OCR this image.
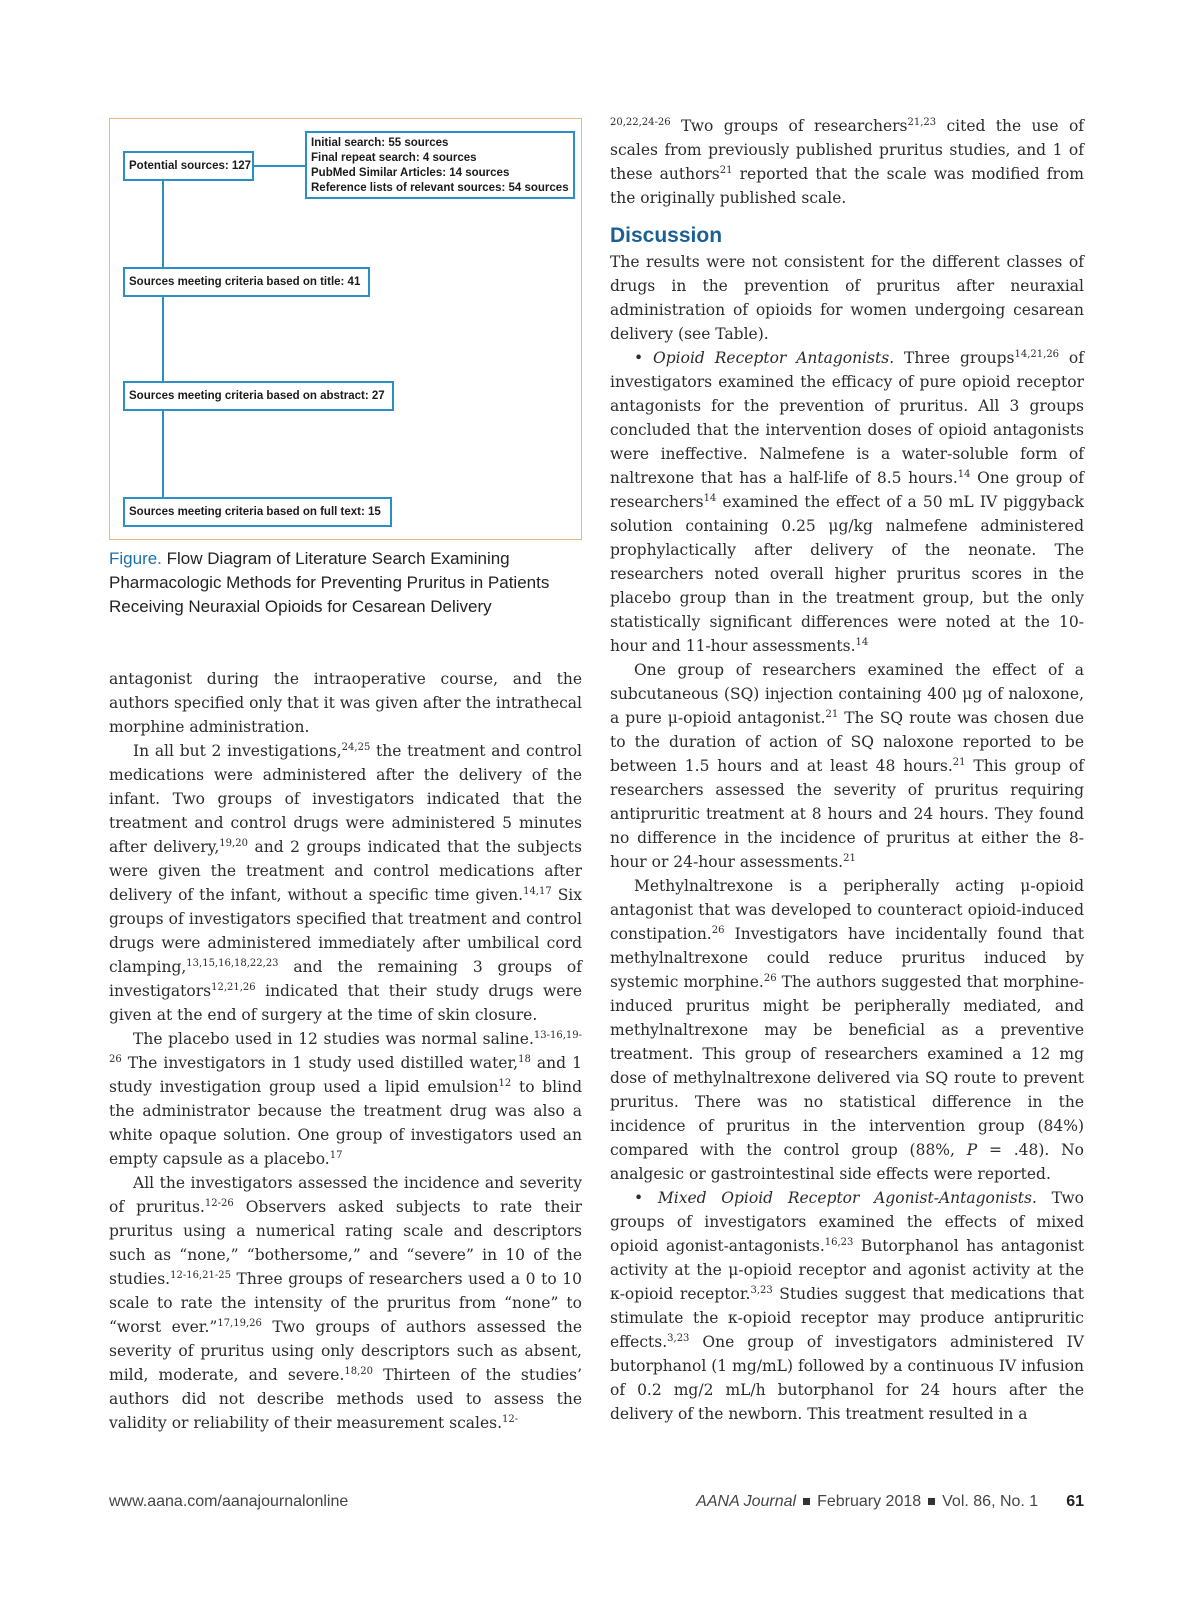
Potential sources: 127
Initial search: 55 sources
Final repeat search: 4 sources
PubMed Similar Articles: 14 sources
Reference lists of relevant sources: 54 sources
Sources meeting criteria based on title: 41
Sources meeting criteria based on abstract: 27
Sources meeting criteria based on full text: 15
Figure. Flow Diagram of Literature Search Examining Pharmacologic Methods for Preventing Pruritus in Patients Receiving Neuraxial Opioids for Cesarean Delivery

antagonist during the intraoperative course, and the authors specified only that it was given after the intrathecal morphine administration.

In all but 2 investigations,$^{24,25}$ the treatment and control medications were administered after the delivery of the infant. Two groups of investigators indicated that the treatment and control drugs were administered 5 minutes after delivery,$^{19,20}$ and 2 groups indicated that the subjects were given the treatment and control medications after delivery of the infant, without a specific time given.$^{14,17}$ Six groups of investigators specified that treatment and control drugs were administered immediately after umbilical cord clamping,$^{13,15,16,18,22,23}$ and the remaining 3 groups of investigators$^{12,21,26}$ indicated that their study drugs were given at the end of surgery at the time of skin closure.

The placebo used in 12 studies was normal saline.$^{13-16,19-26}$ The investigators in 1 study used distilled water,$^{18}$ and 1 study investigation group used a lipid emulsion$^{12}$ to blind the administrator because the treatment drug was also a white opaque solution. One group of investigators used an empty capsule as a placebo.$^{17}$

All the investigators assessed the incidence and severity of pruritus.$^{12-26}$ Observers asked subjects to rate their pruritus using a numerical rating scale and descriptors such as “none,” “bothersome,” and “severe” in 10 of the studies.$^{12-16,21-25}$ Three groups of researchers used a 0 to 10 scale to rate the intensity of the pruritus from “none” to “worst ever.”$^{17,19,26}$ Two groups of authors assessed the severity of pruritus using only descriptors such as absent, mild, moderate, and severe.$^{18,20}$ Thirteen of the studies’ authors did not describe methods used to assess the validity or reliability of their measurement scales.$^{12-}$

$^{20,22,24-26}$ Two groups of researchers$^{21,23}$ cited the use of scales from previously published pruritus studies, and 1 of these authors$^{21}$ reported that the scale was modified from the originally published scale.

Discussion

The results were not consistent for the different classes of drugs in the prevention of pruritus after neuraxial administration of opioids for women undergoing cesarean delivery (see Table).

• Opioid Receptor Antagonists. Three groups$^{14,21,26}$ of investigators examined the efficacy of pure opioid receptor antagonists for the prevention of pruritus. All 3 groups concluded that the intervention doses of opioid antagonists were ineffective. Nalmefene is a water-soluble form of naltrexone that has a half-life of 8.5 hours.$^{14}$ One group of researchers$^{14}$ examined the effect of a 50 mL IV piggyback solution containing 0.25 μg/kg nalmefene administered prophylactically after delivery of the neonate. The researchers noted overall higher pruritus scores in the placebo group than in the treatment group, but the only statistically significant differences were noted at the 10-hour and 11-hour assessments.$^{14}$

One group of researchers examined the effect of a subcutaneous (SQ) injection containing 400 μg of naloxone, a pure μ-opioid antagonist.$^{21}$ The SQ route was chosen due to the duration of action of SQ naloxone reported to be between 1.5 hours and at least 48 hours.$^{21}$ This group of researchers assessed the severity of pruritus requiring antipruritic treatment at 8 hours and 24 hours. They found no difference in the incidence of pruritus at either the 8-hour or 24-hour assessments.$^{21}$

Methylnaltrexone is a peripherally acting μ-opioid antagonist that was developed to counteract opioid-induced constipation.$^{26}$ Investigators have incidentally found that methylnaltrexone could reduce pruritus induced by systemic morphine.$^{26}$ The authors suggested that morphine-induced pruritus might be peripherally mediated, and methylnaltrexone may be beneficial as a preventive treatment. This group of researchers examined a 12 mg dose of methylnaltrexone delivered via SQ route to prevent pruritus. There was no statistical difference in the incidence of pruritus in the intervention group (84%) compared with the control group (88%, P = .48). No analgesic or gastrointestinal side effects were reported.

• Mixed Opioid Receptor Agonist-Antagonists. Two groups of investigators examined the effects of mixed opioid agonist-antagonists.$^{16,23}$ Butorphanol has antagonist activity at the μ-opioid receptor and agonist activity at the κ-opioid receptor.$^{3,23}$ Studies suggest that medications that stimulate the κ-opioid receptor may produce antipruritic effects.$^{3,23}$ One group of investigators administered IV butorphanol (1 mg/mL) followed by a continuous IV infusion of 0.2 mg/2 mL/h butorphanol for 24 hours after the delivery of the newborn. This treatment resulted in a

www.aana.com/aanajournalonline	AANA Journal February 2018 Vol. 86, No. 1 61
